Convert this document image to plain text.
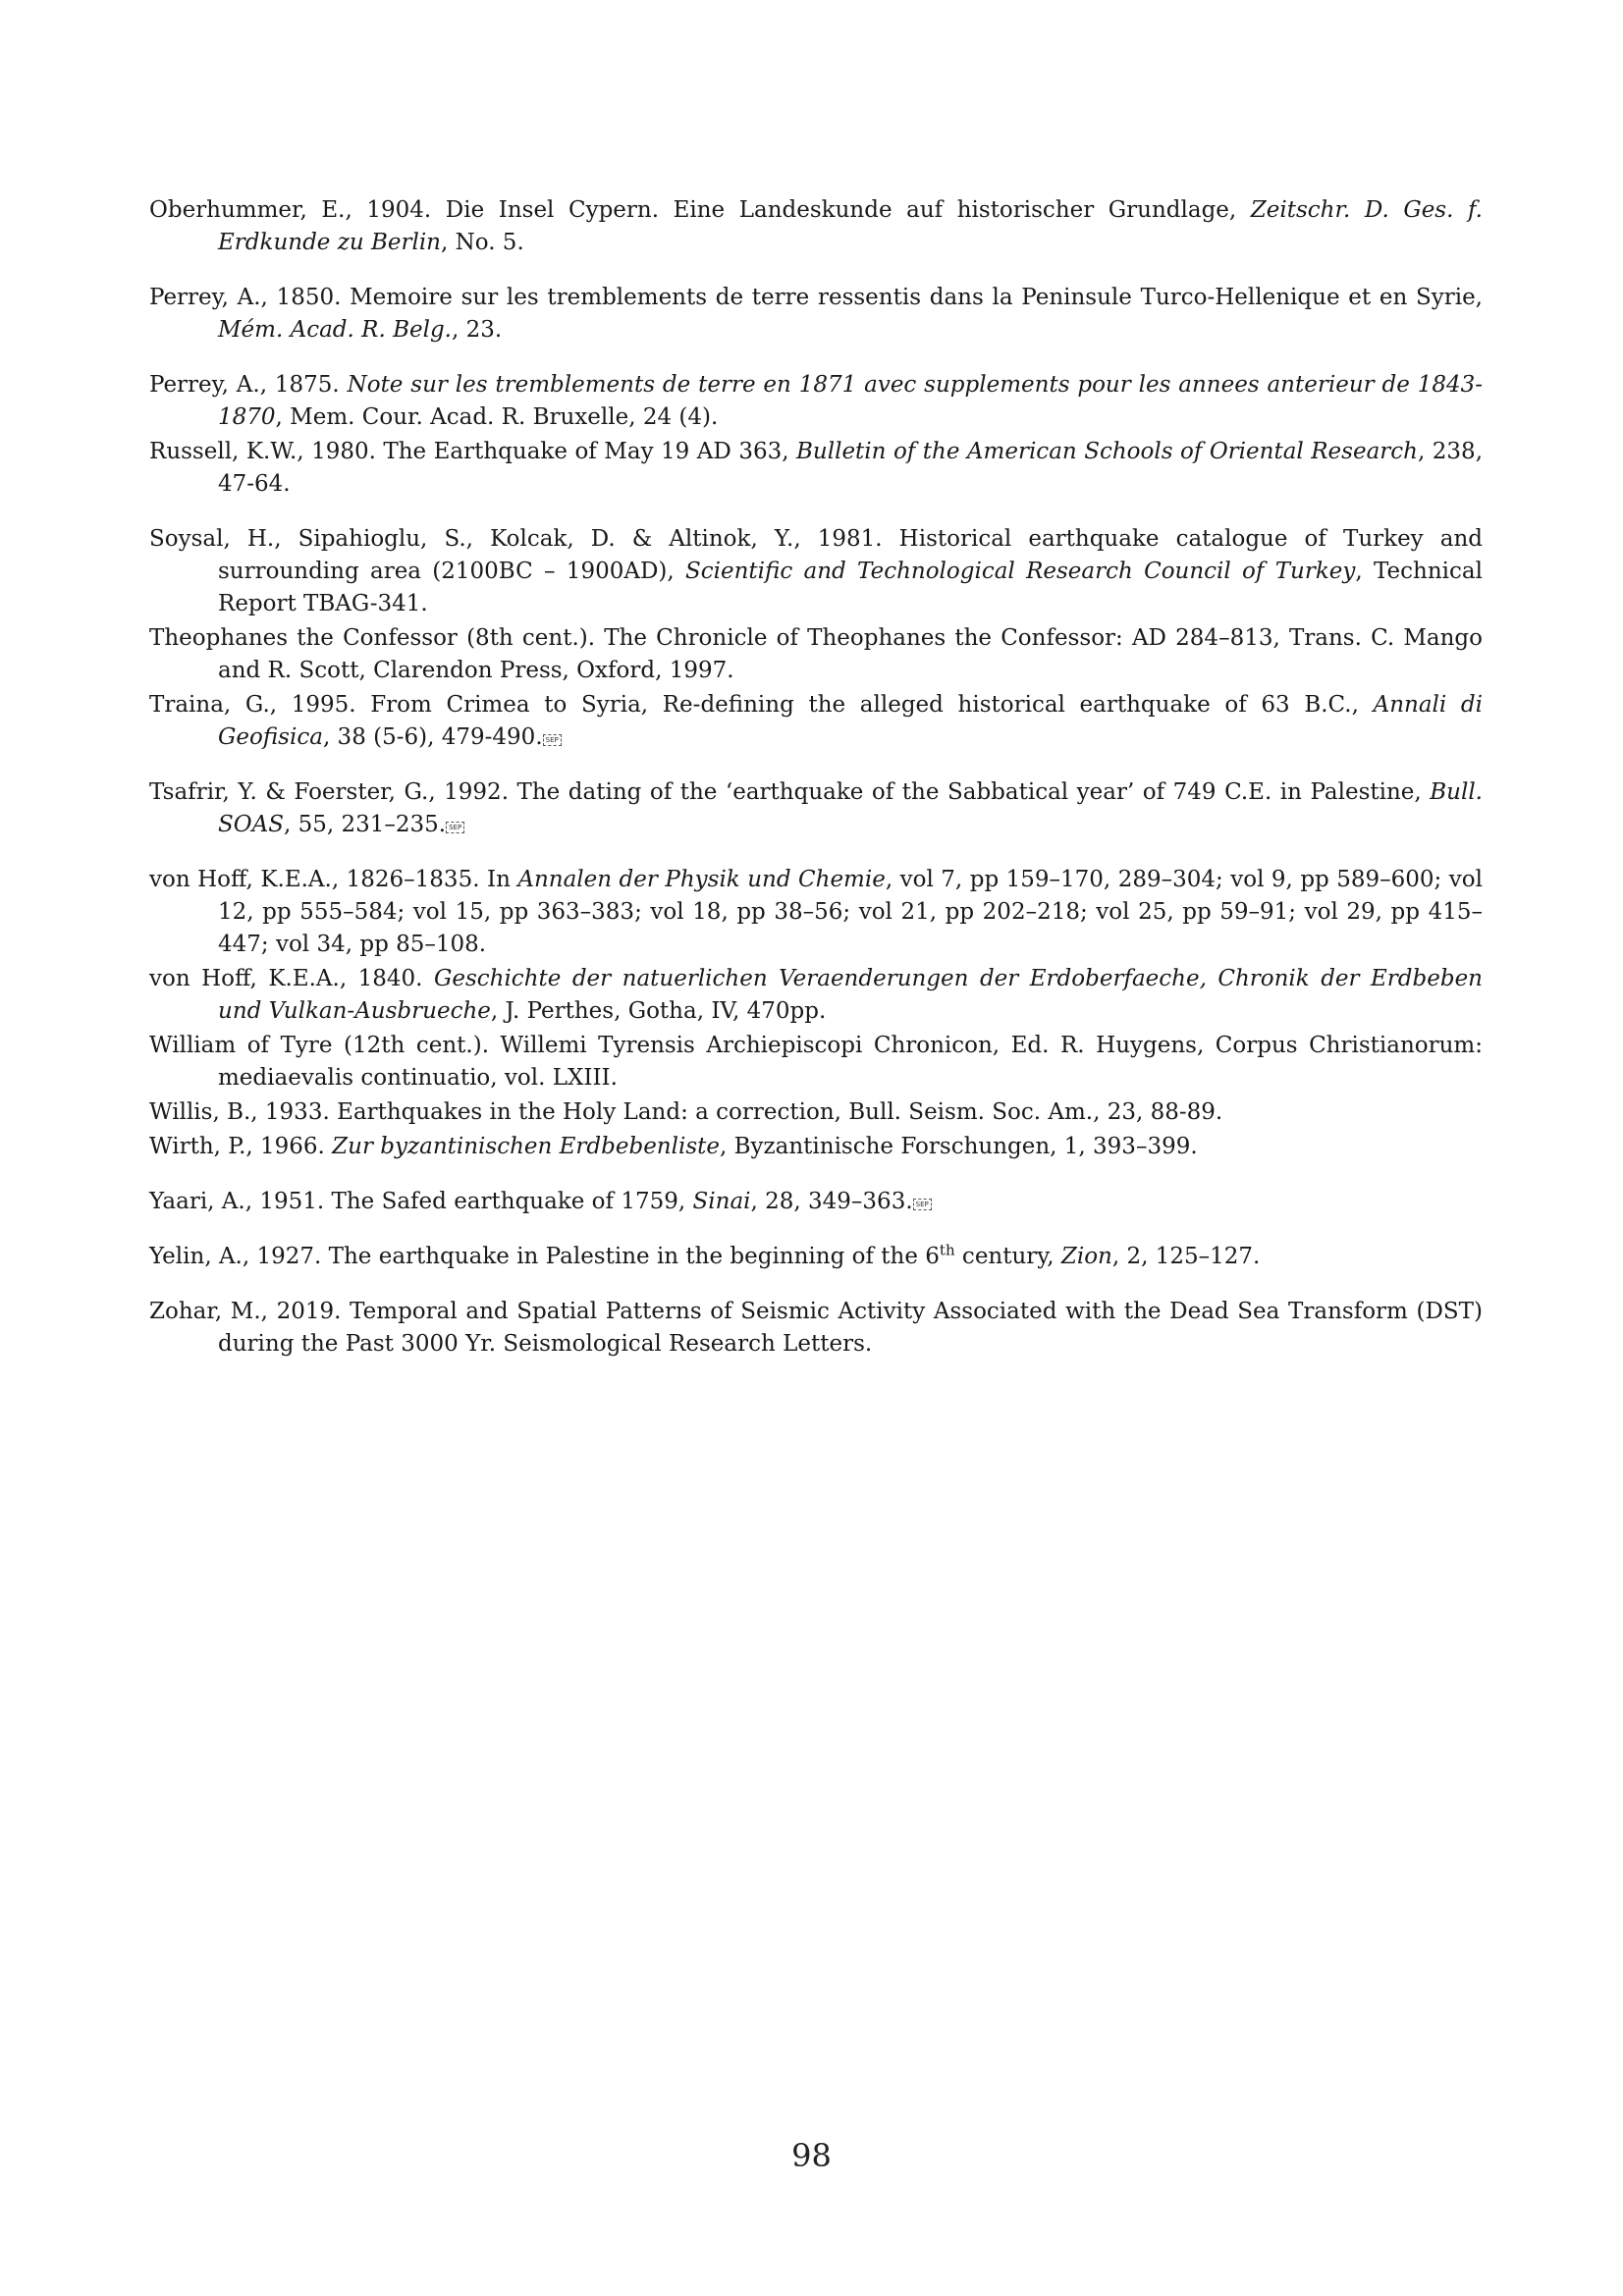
Oberhummer, E., 1904. Die Insel Cypern. Eine Landeskunde auf historischer Grundlage, Zeitschr. D. Ges. f. Erdkunde zu Berlin, No. 5.

Perrey, A., 1850. Memoire sur les tremblements de terre ressentis dans la Peninsule Turco-Hellenique et en Syrie, Mém. Acad. R. Belg., 23.

Perrey, A., 1875. Note sur les tremblements de terre en 1871 avec supplements pour les annees anterieur de 1843-1870, Mem. Cour. Acad. R. Bruxelle, 24 (4).

Russell, K.W., 1980. The Earthquake of May 19 AD 363, Bulletin of the American Schools of Oriental Research, 238, 47-64.

Soysal, H., Sipahioglu, S., Kolcak, D. & Altinok, Y., 1981. Historical earthquake catalogue of Turkey and surrounding area (2100BC – 1900AD), Scientific and Technological Research Council of Turkey, Technical Report TBAG-341.

Theophanes the Confessor (8th cent.). The Chronicle of Theophanes the Confessor: AD 284–813, Trans. C. Mango and R. Scott, Clarendon Press, Oxford, 1997.

Traina, G., 1995. From Crimea to Syria, Re-defining the alleged historical earthquake of 63 B.C., Annali di Geofisica, 38 (5-6), 479-490. SEP

Tsafrir, Y. & Foerster, G., 1992. The dating of the ‘earthquake of the Sabbatical year’ of 749 C.E. in Palestine, Bull. SOAS, 55, 231–235. SEP

von Hoff, K.E.A., 1826–1835. In Annalen der Physik und Chemie, vol 7, pp 159–170, 289–304; vol 9, pp 589–600; vol 12, pp 555–584; vol 15, pp 363–383; vol 18, pp 38–56; vol 21, pp 202–218; vol 25, pp 59–91; vol 29, pp 415–447; vol 34, pp 85–108.

von Hoff, K.E.A., 1840. Geschichte der natuerlichen Veraenderungen der Erdoberfaeche, Chronik der Erdbeben und Vulkan-Ausbrueche, J. Perthes, Gotha, IV, 470pp.

William of Tyre (12th cent.). Willemi Tyrensis Archiepiscopi Chronicon, Ed. R. Huygens, Corpus Christianorum: mediaevalis continuatio, vol. LXIII.

Willis, B., 1933. Earthquakes in the Holy Land: a correction, Bull. Seism. Soc. Am., 23, 88-89.

Wirth, P., 1966. Zur byzantinischen Erdbebenliste, Byzantinische Forschungen, 1, 393–399.

Yaari, A., 1951. The Safed earthquake of 1759, Sinai, 28, 349–363. SEP

Yelin, A., 1927. The earthquake in Palestine in the beginning of the 6th century, Zion, 2, 125–127.

Zohar, M., 2019. Temporal and Spatial Patterns of Seismic Activity Associated with the Dead Sea Transform (DST) during the Past 3000 Yr. Seismological Research Letters.

98
